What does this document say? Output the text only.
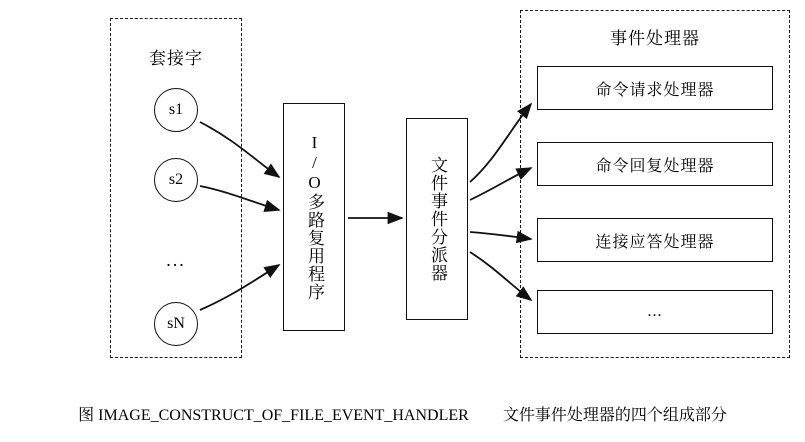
套接字
事件处理器
s1
s2
...
sN
I/O多路复用程序	文件事件分派器
命令请求处理器
命令回复处理器
连接应答处理器
...
图 IMAGE_CONSTRUCT_OF_FILE_EVENT_HANDLER 文件事件处理器的四个组成部分
